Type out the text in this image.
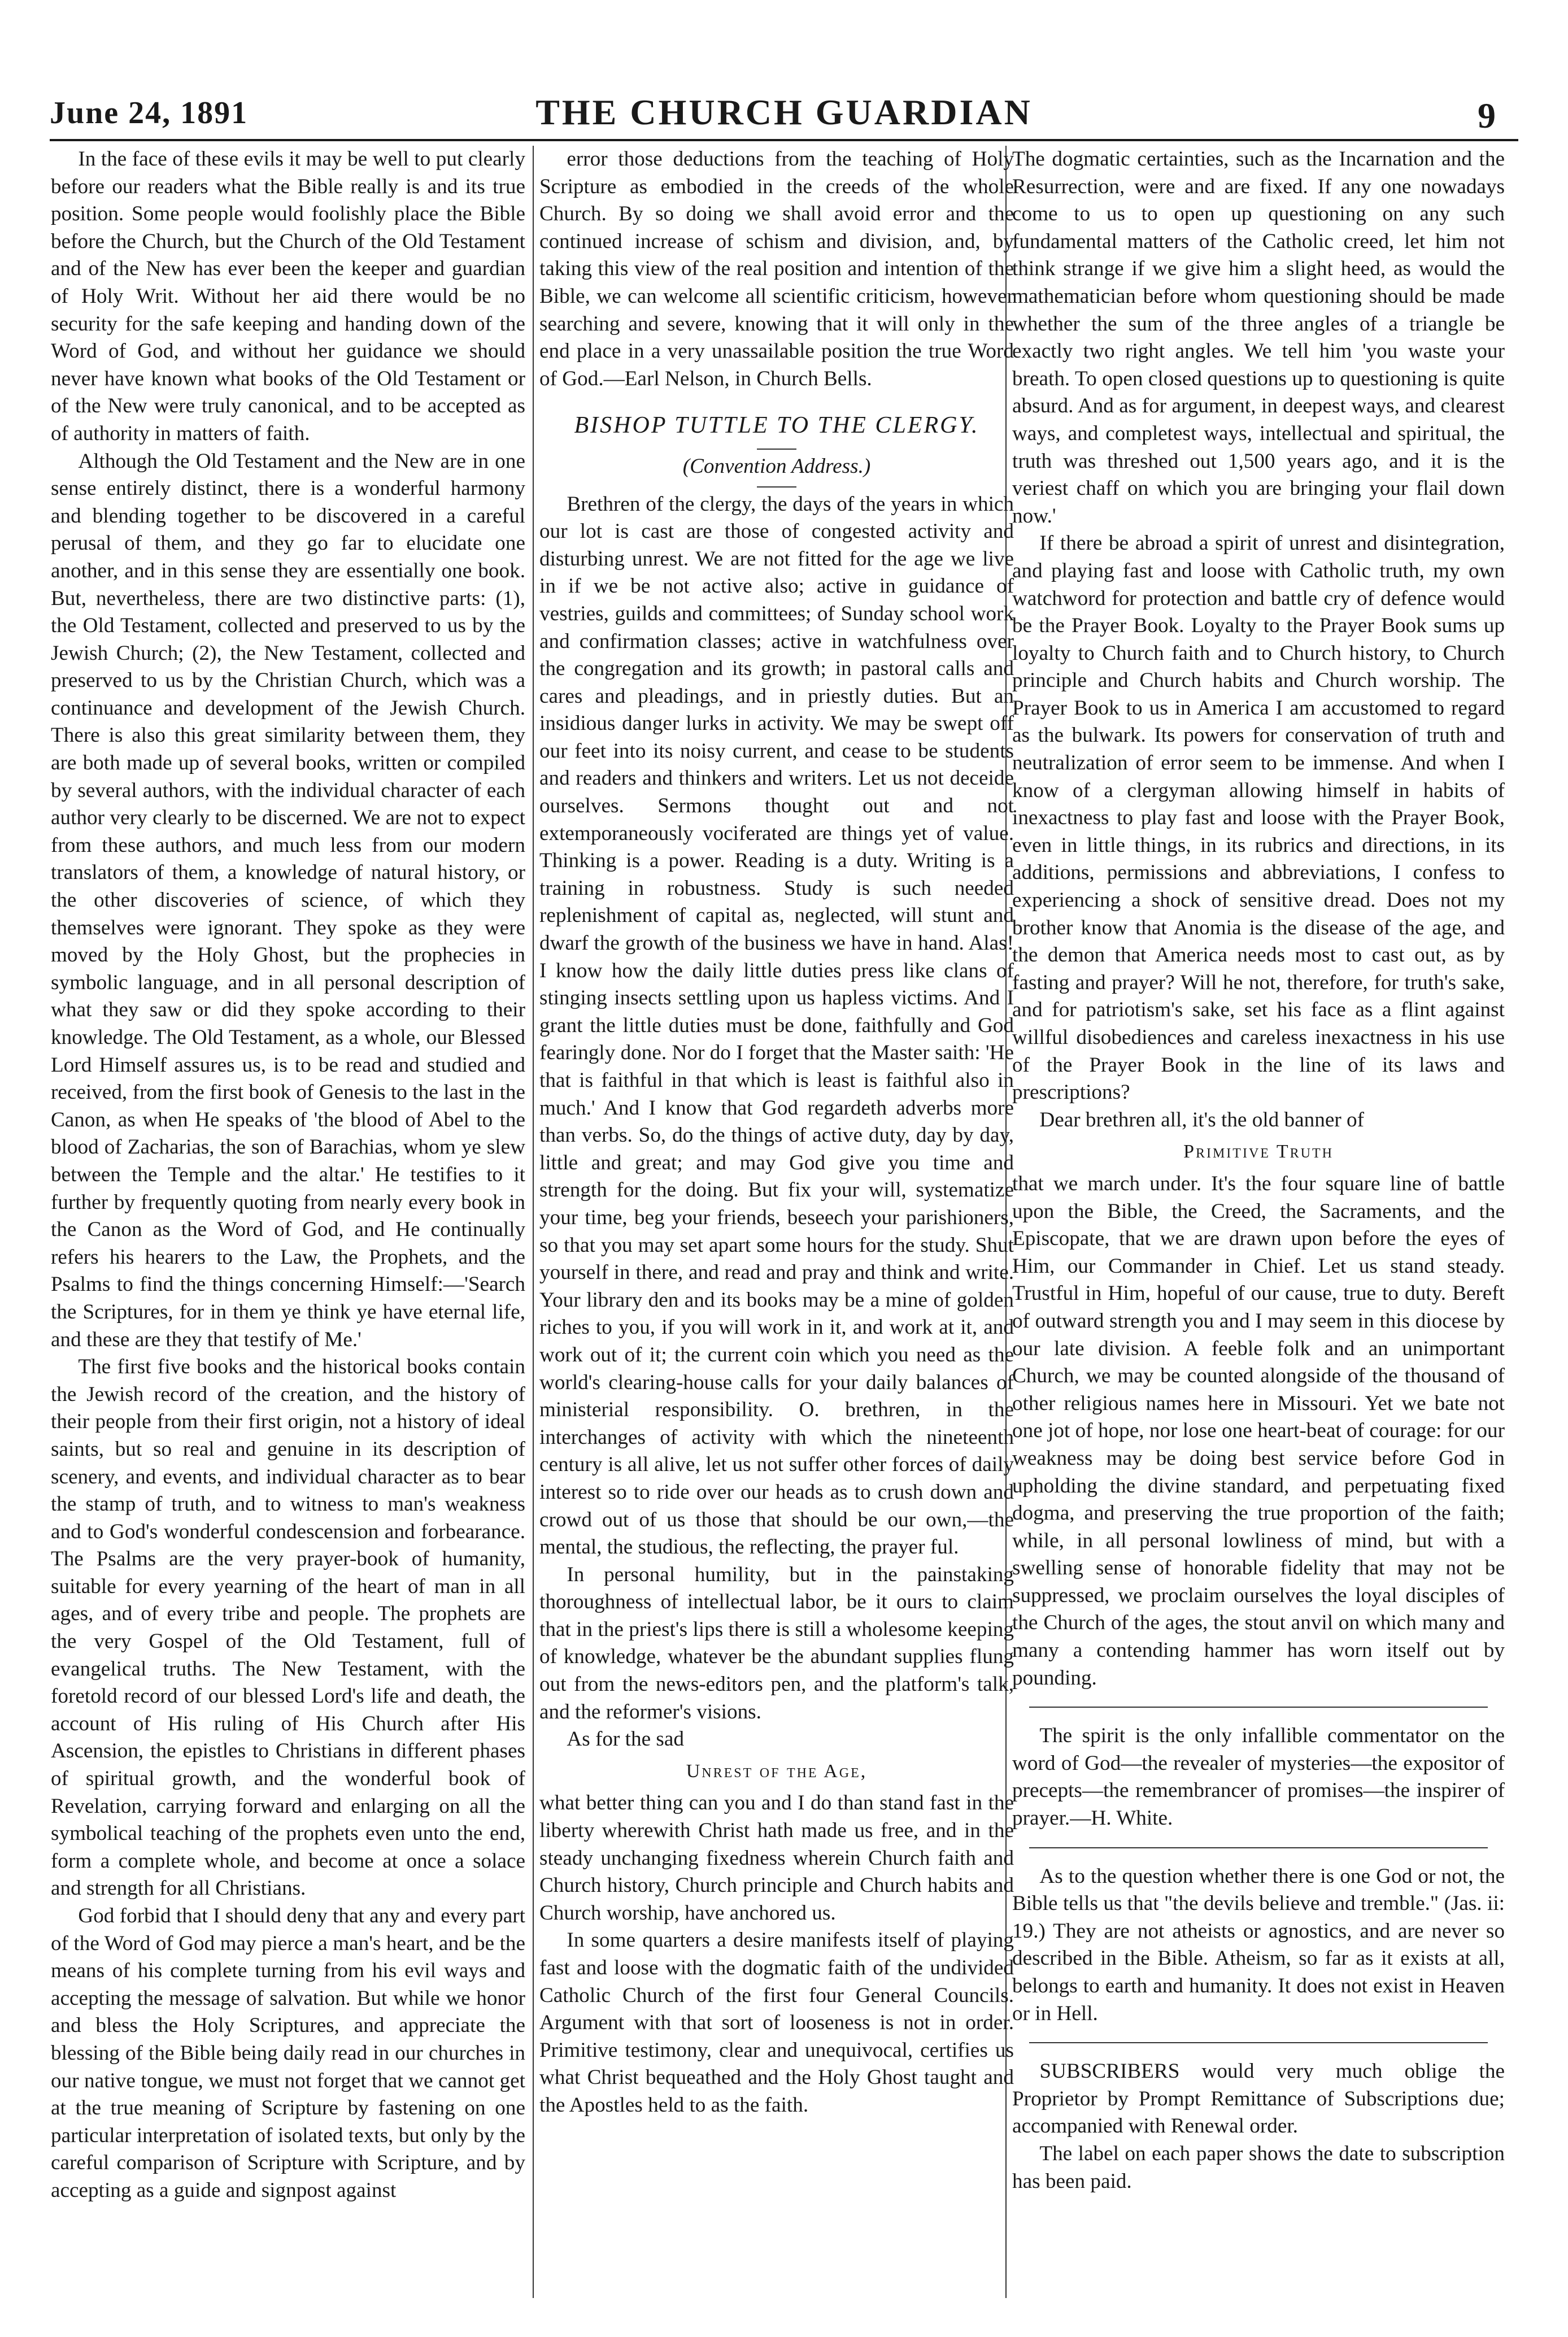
June 24, 1891	THE CHURCH GUARDIAN	9

In the face of these evils it may be well to put clearly before our readers what the Bible really is and its true position. Some people would foolishly place the Bible before the Church, but the Church of the Old Testament and of the New has ever been the keeper and guardian of Holy Writ. Without her aid there would be no security for the safe keeping and handing down of the Word of God, and without her guidance we should never have known what books of the Old Testament or of the New were truly canonical, and to be accepted as of authority in matters of faith.

Although the Old Testament and the New are in one sense entirely distinct, there is a wonderful harmony and blending together to be discovered in a careful perusal of them, and they go far to elucidate one another, and in this sense they are essentially one book. But, nevertheless, there are two distinctive parts: (1), the Old Testament, collected and preserved to us by the Jewish Church; (2), the New Testament, collected and preserved to us by the Christian Church, which was a continuance and development of the Jewish Church. There is also this great similarity between them, they are both made up of several books, written or compiled by several authors, with the individual character of each author very clearly to be discerned. We are not to expect from these authors, and much less from our modern translators of them, a knowledge of natural history, or the other discoveries of science, of which they themselves were ignorant. They spoke as they were moved by the Holy Ghost, but the prophecies in symbolic language, and in all personal description of what they saw or did they spoke according to their knowledge. The Old Testament, as a whole, our Blessed Lord Himself assures us, is to be read and studied and received, from the first book of Genesis to the last in the Canon, as when He speaks of 'the blood of Abel to the blood of Zacharias, the son of Barachias, whom ye slew between the Temple and the altar.' He testifies to it further by frequently quoting from nearly every book in the Canon as the Word of God, and He continually refers his hearers to the Law, the Prophets, and the Psalms to find the things concerning Himself:—'Search the Scriptures, for in them ye think ye have eternal life, and these are they that testify of Me.'

The first five books and the historical books contain the Jewish record of the creation, and the history of their people from their first origin, not a history of ideal saints, but so real and genuine in its description of scenery, and events, and individual character as to bear the stamp of truth, and to witness to man's weakness and to God's wonderful condescension and forbearance. The Psalms are the very prayer-book of humanity, suitable for every yearning of the heart of man in all ages, and of every tribe and people. The prophets are the very Gospel of the Old Testament, full of evangelical truths. The New Testament, with the foretold record of our blessed Lord's life and death, the account of His ruling of His Church after His Ascension, the epistles to Christians in different phases of spiritual growth, and the wonderful book of Revelation, carrying forward and enlarging on all the symbolical teaching of the prophets even unto the end, form a complete whole, and become at once a solace and strength for all Christians.

God forbid that I should deny that any and every part of the Word of God may pierce a man's heart, and be the means of his complete turning from his evil ways and accepting the message of salvation. But while we honor and bless the Holy Scriptures, and appreciate the blessing of the Bible being daily read in our churches in our native tongue, we must not forget that we cannot get at the true meaning of Scripture by fastening on one particular interpretation of isolated texts, but only by the careful comparison of Scripture with Scripture, and by accepting as a guide and signpost against

error those deductions from the teaching of Holy Scripture as embodied in the creeds of the whole Church. By so doing we shall avoid error and the continued increase of schism and division, and, by taking this view of the real position and intention of the Bible, we can welcome all scientific criticism, however searching and severe, knowing that it will only in the end place in a very unassailable position the true Word of God.—Earl Nelson, in Church Bells.

BISHOP TUTTLE TO THE CLERGY.
(Convention Address.)

Brethren of the clergy, the days of the years in which our lot is cast are those of congested activity and disturbing unrest. We are not fitted for the age we live in if we be not active also; active in guidance of vestries, guilds and committees; of Sunday school work and confirmation classes; active in watchfulness over the congregation and its growth; in pastoral calls and cares and pleadings, and in priestly duties. But an insidious danger lurks in activity. We may be swept off our feet into its noisy current, and cease to be students and readers and thinkers and writers. Let us not deceide ourselves. Sermons thought out and not extemporaneously vociferated are things yet of value. Thinking is a power. Reading is a duty. Writing is a training in robustness. Study is such needed replenishment of capital as, neglected, will stunt and dwarf the growth of the business we have in hand. Alas! I know how the daily little duties press like clans of stinging insects settling upon us hapless victims. And I grant the little duties must be done, faithfully and God fearingly done. Nor do I forget that the Master saith: 'He that is faithful in that which is least is faithful also in much.' And I know that God regardeth adverbs more than verbs. So, do the things of active duty, day by day, little and great; and may God give you time and strength for the doing. But fix your will, systematize your time, beg your friends, beseech your parishioners, so that you may set apart some hours for the study. Shut yourself in there, and read and pray and think and write. Your library den and its books may be a mine of golden riches to you, if you will work in it, and work at it, and work out of it; the current coin which you need as the world's clearing-house calls for your daily balances of ministerial responsibility. O. brethren, in the interchanges of activity with which the nineteenth century is all alive, let us not suffer other forces of daily interest so to ride over our heads as to crush down and crowd out of us those that should be our own,—the mental, the studious, the reflecting, the prayer ful.

In personal humility, but in the painstaking thoroughness of intellectual labor, be it ours to claim that in the priest's lips there is still a wholesome keeping of knowledge, whatever be the abundant supplies flung out from the news-editors pen, and the platform's talk, and the reformer's visions.

As for the sad

Unrest of the Age,

what better thing can you and I do than stand fast in the liberty wherewith Christ hath made us free, and in the steady unchanging fixedness wherein Church faith and Church history, Church principle and Church habits and Church worship, have anchored us.

In some quarters a desire manifests itself of playing fast and loose with the dogmatic faith of the undivided Catholic Church of the first four General Councils. Argument with that sort of looseness is not in order. Primitive testimony, clear and unequivocal, certifies us what Christ bequeathed and the Holy Ghost taught and the Apostles held to as the faith.

The dogmatic certainties, such as the Incarnation and the Resurrection, were and are fixed. If any one nowadays come to us to open up questioning on any such fundamental matters of the Catholic creed, let him not think strange if we give him a slight heed, as would the mathematician before whom questioning should be made whether the sum of the three angles of a triangle be exactly two right angles. We tell him 'you waste your breath. To open closed questions up to questioning is quite absurd. And as for argument, in deepest ways, and clearest ways, and completest ways, intellectual and spiritual, the truth was threshed out 1,500 years ago, and it is the veriest chaff on which you are bringing your flail down now.'

If there be abroad a spirit of unrest and disintegration, and playing fast and loose with Catholic truth, my own watchword for protection and battle cry of defence would be the Prayer Book. Loyalty to the Prayer Book sums up loyalty to Church faith and to Church history, to Church principle and Church habits and Church worship. The Prayer Book to us in America I am accustomed to regard as the bulwark. Its powers for conservation of truth and neutralization of error seem to be immense. And when I know of a clergyman allowing himself in habits of inexactness to play fast and loose with the Prayer Book, even in little things, in its rubrics and directions, in its additions, permissions and abbreviations, I confess to experiencing a shock of sensitive dread. Does not my brother know that Anomia is the disease of the age, and the demon that America needs most to cast out, as by fasting and prayer? Will he not, therefore, for truth's sake, and for patriotism's sake, set his face as a flint against willful disobediences and careless inexactness in his use of the Prayer Book in the line of its laws and prescriptions?

Dear brethren all, it's the old banner of

Primitive Truth

that we march under. It's the four square line of battle upon the Bible, the Creed, the Sacraments, and the Episcopate, that we are drawn upon before the eyes of Him, our Commander in Chief. Let us stand steady. Trustful in Him, hopeful of our cause, true to duty. Bereft of outward strength you and I may seem in this diocese by our late division. A feeble folk and an unimportant Church, we may be counted alongside of the thousand of other religious names here in Missouri. Yet we bate not one jot of hope, nor lose one heart-beat of courage: for our weakness may be doing best service before God in upholding the divine standard, and perpetuating fixed dogma, and preserving the true proportion of the faith; while, in all personal lowliness of mind, but with a swelling sense of honorable fidelity that may not be suppressed, we proclaim ourselves the loyal disciples of the Church of the ages, the stout anvil on which many and many a contending hammer has worn itself out by pounding.

The spirit is the only infallible commentator on the word of God—the revealer of mysteries—the expositor of precepts—the remembrancer of promises—the inspirer of prayer.—H. White.

As to the question whether there is one God or not, the Bible tells us that "the devils believe and tremble." (Jas. ii: 19.) They are not atheists or agnostics, and are never so described in the Bible. Atheism, so far as it exists at all, belongs to earth and humanity. It does not exist in Heaven or in Hell.

SUBSCRIBERS would very much oblige the Proprietor by Prompt Remittance of Subscriptions due; accompanied with Renewal order.

The label on each paper shows the date to subscription has been paid.
